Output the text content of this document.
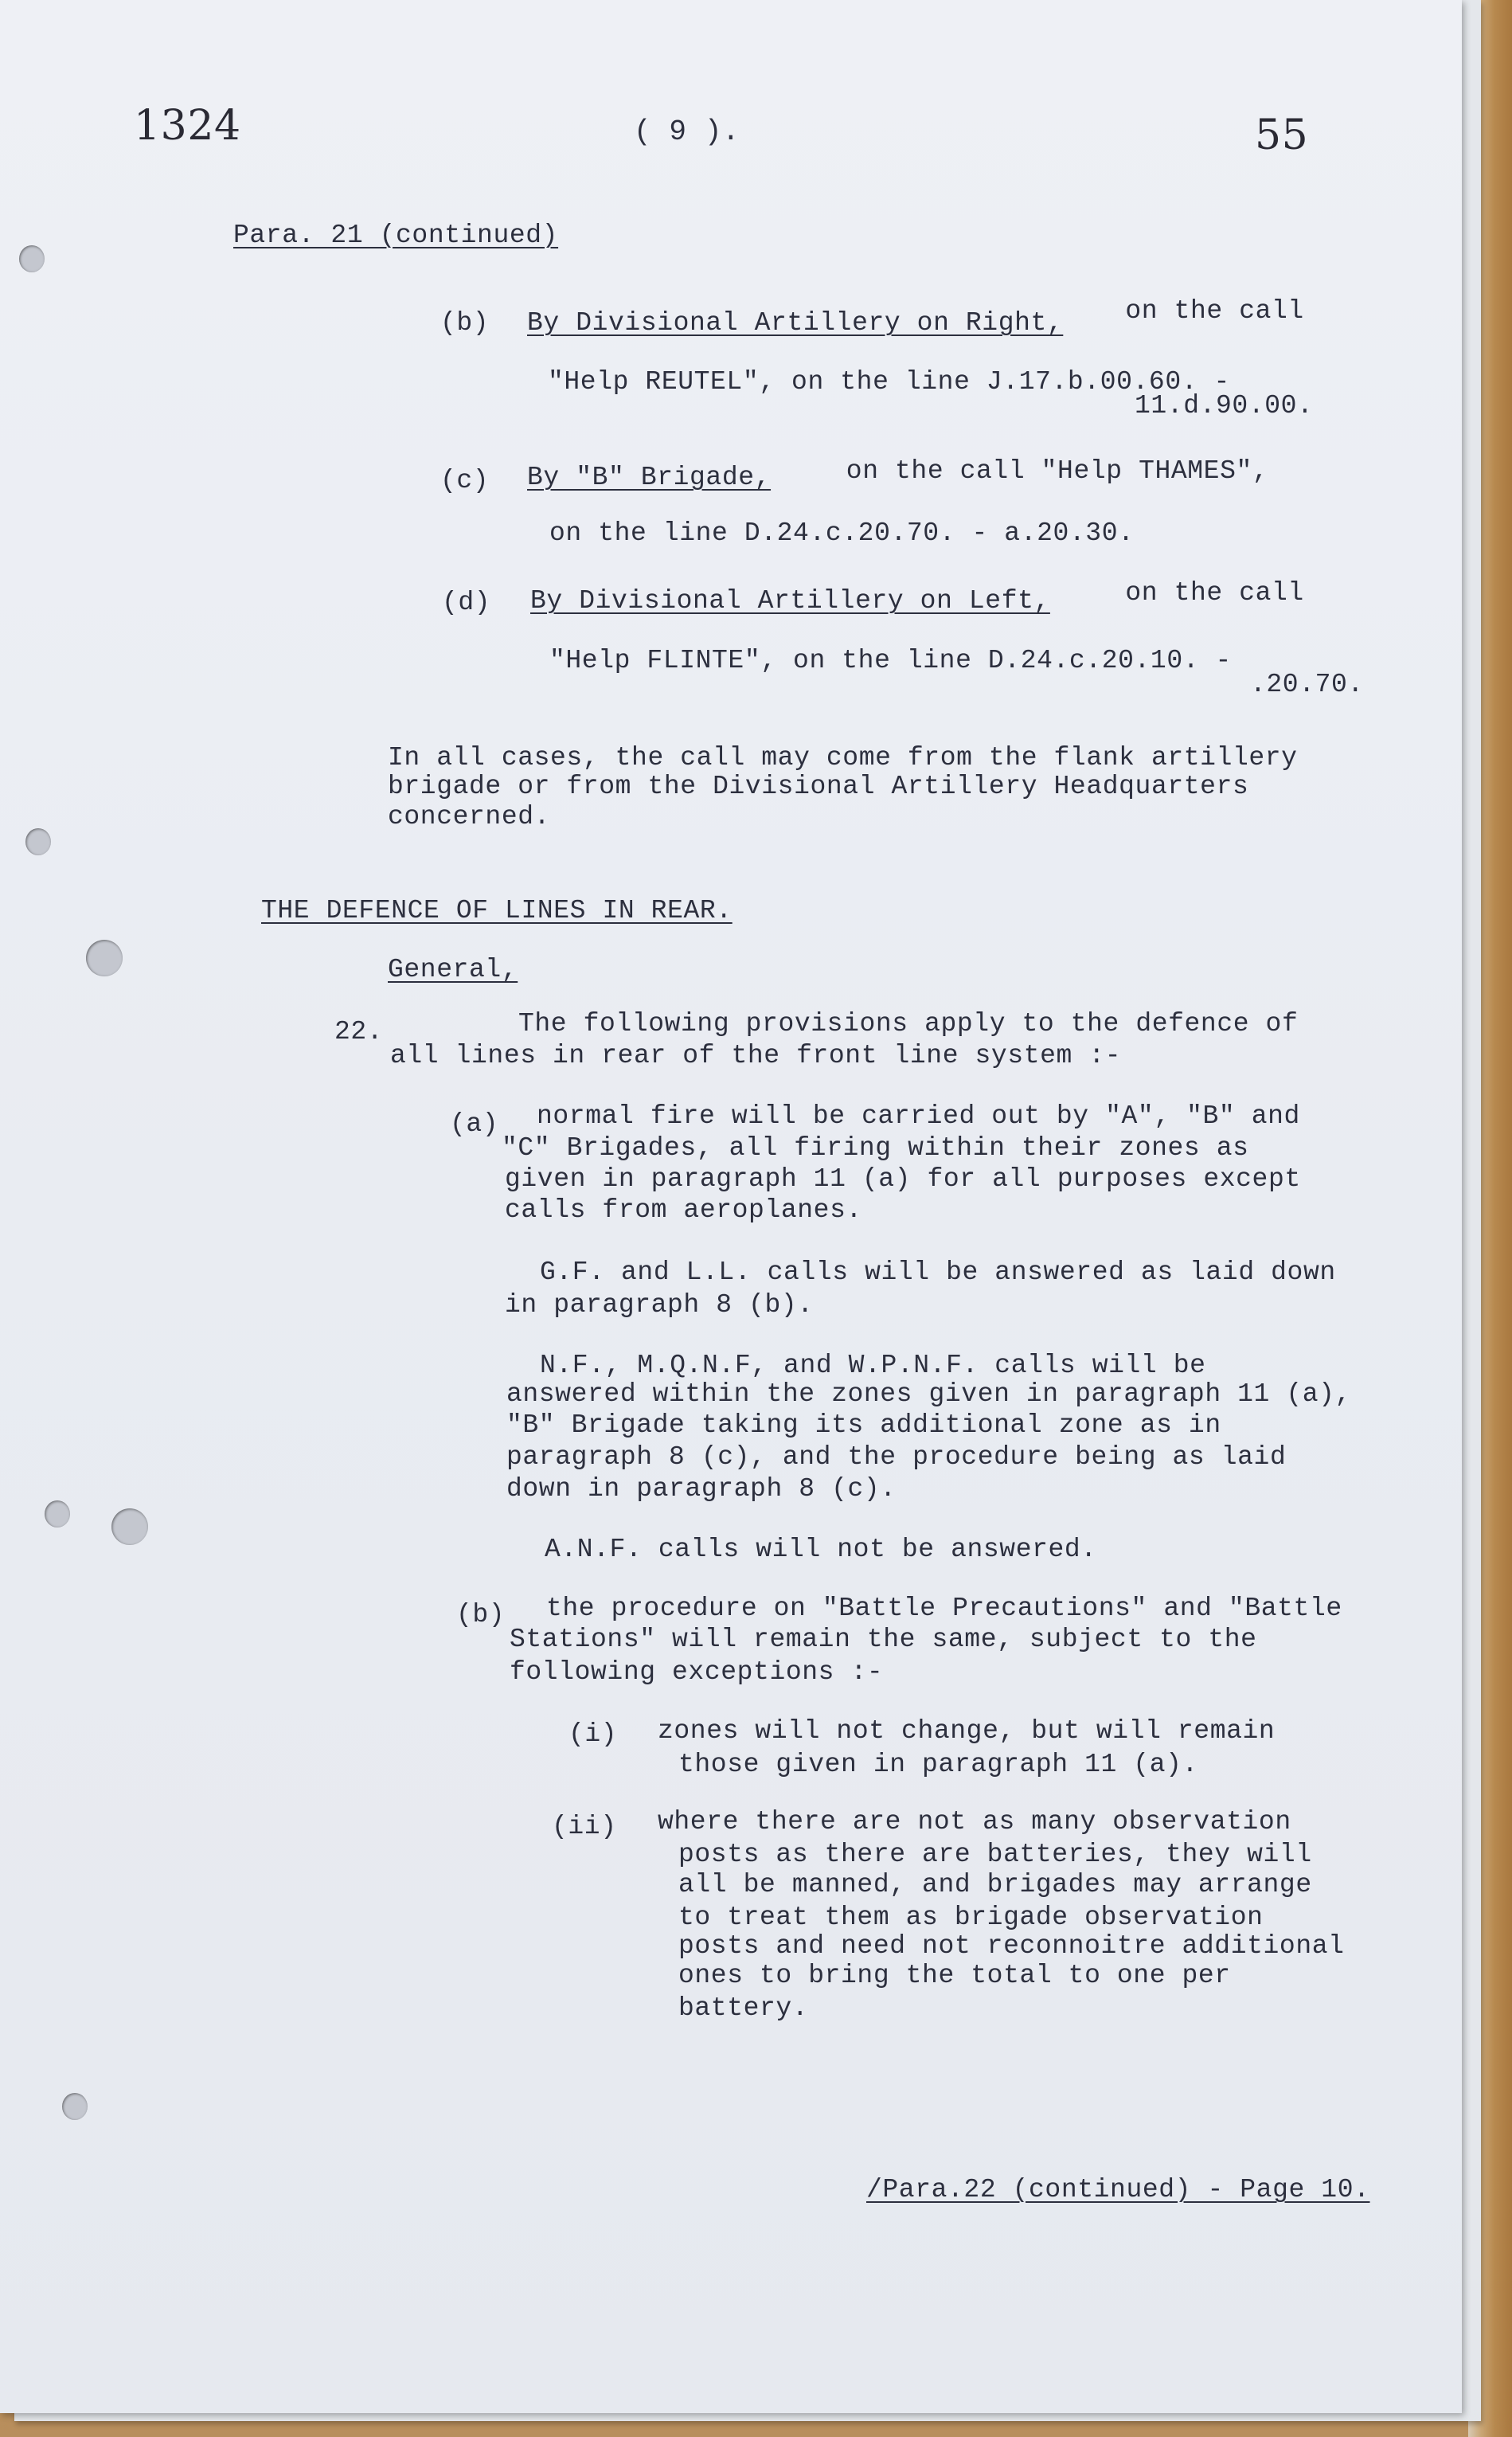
1324	( 9 ).	55
Para. 21 (continued)
(b) By Divisional Artillery on Right, on the call
"Help REUTEL", on the line J.17.b.00.60. -
11.d.90.00.
(c) By "B" Brigade, on the call "Help THAMES",
on the line D.24.c.20.70. - a.20.30.
(d) By Divisional Artillery on Left, on the call
"Help FLINTE", on the line D.24.c.20.10. -
.20.70.
In all cases, the call may come from the flank artillery
brigade or from the Divisional Artillery Headquarters
concerned.
THE DEFENCE OF LINES IN REAR.
General,
22.	The following provisions apply to the defence of
all lines in rear of the front line system :-
(a) normal fire will be carried out by "A", "B" and
"C" Brigades, all firing within their zones as
given in paragraph 11 (a) for all purposes except
calls from aeroplanes.
G.F. and L.L. calls will be answered as laid down
in paragraph 8 (b).
N.F., M.Q.N.F, and W.P.N.F. calls will be
answered within the zones given in paragraph 11 (a),
"B" Brigade taking its additional zone as in
paragraph 8 (c), and the procedure being as laid
down in paragraph 8 (c).
A.N.F. calls will not be answered.
(b) the procedure on "Battle Precautions" and "Battle
Stations" will remain the same, subject to the
following exceptions :-
(i) zones will not change, but will remain
those given in paragraph 11 (a).
(ii) where there are not as many observation
posts as there are batteries, they will
all be manned, and brigades may arrange
to treat them as brigade observation
posts and need not reconnoitre additional
ones to bring the total to one per
battery.
/Para.22 (continued) - Page 10.
